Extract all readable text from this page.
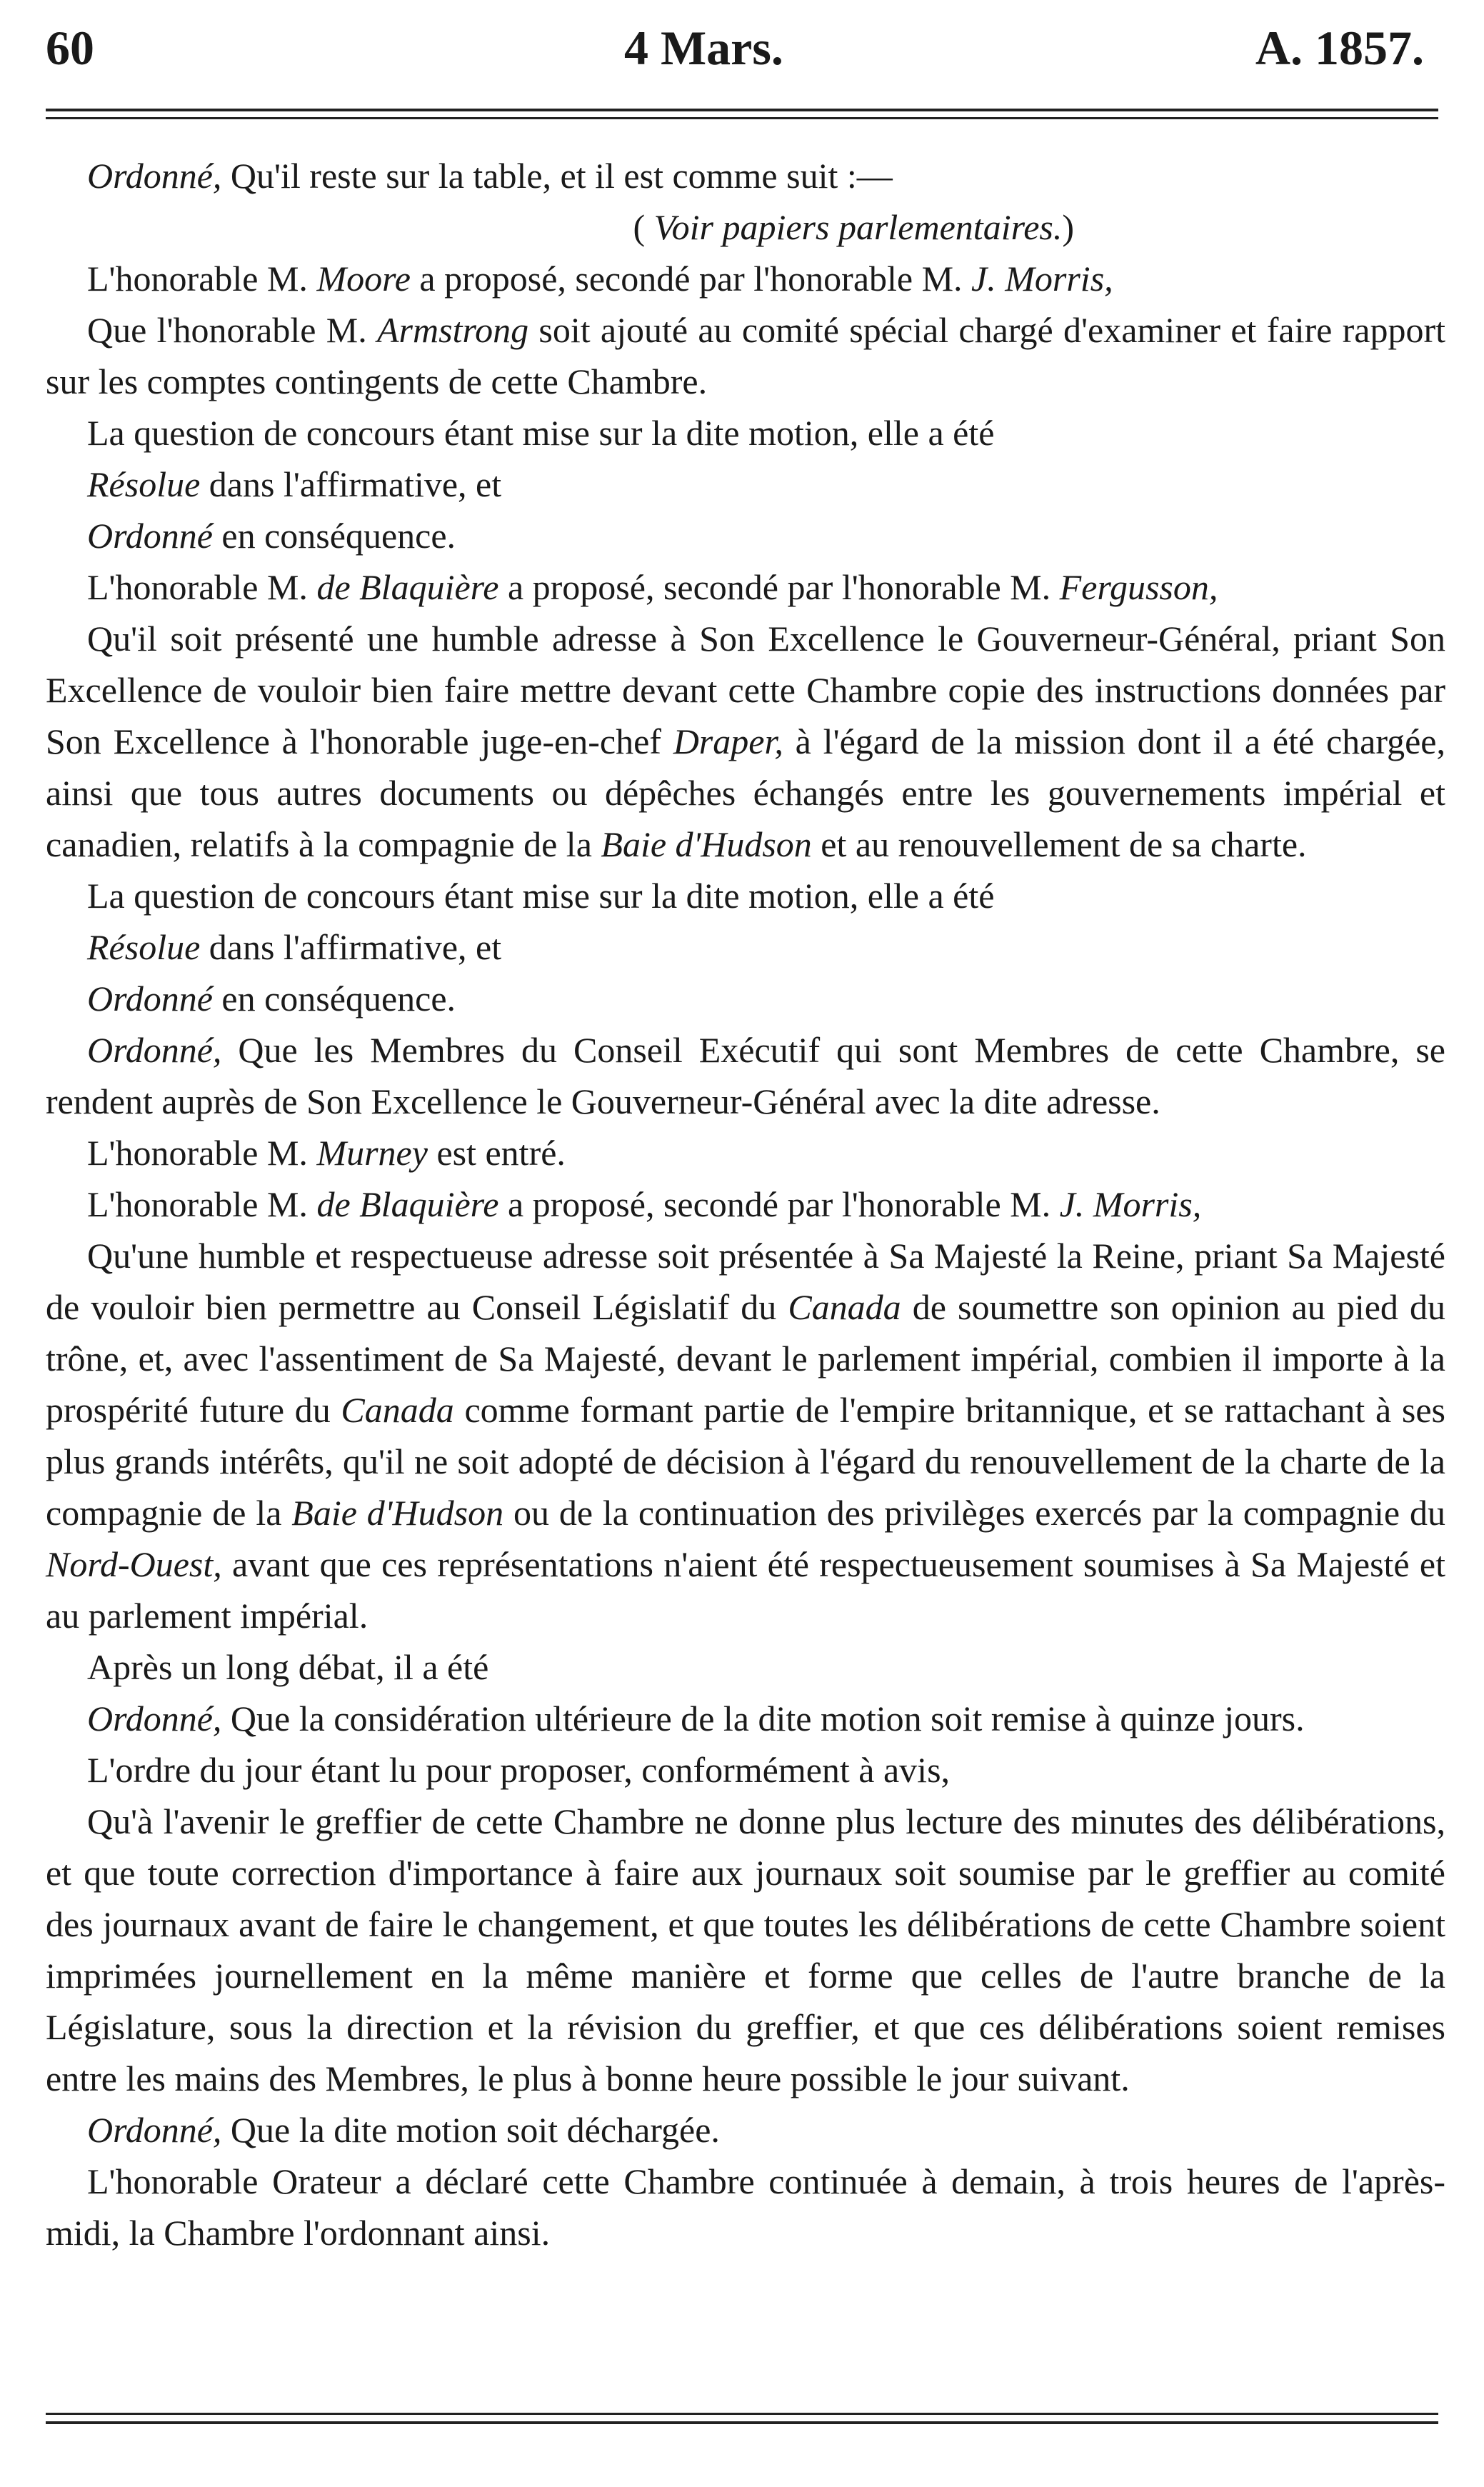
60	4 Mars.	A. 1857.

Ordonné, Qu'il reste sur la table, et il est comme suit :—

( Voir papiers parlementaires.)

L'honorable M. Moore a proposé, secondé par l'honorable M. J. Morris,

Que l'honorable M. Armstrong soit ajouté au comité spécial chargé d'examiner et faire rapport sur les comptes contingents de cette Chambre.

La question de concours étant mise sur la dite motion, elle a été

Résolue dans l'affirmative, et

Ordonné en conséquence.

L'honorable M. de Blaquière a proposé, secondé par l'honorable M. Fergusson,

Qu'il soit présenté une humble adresse à Son Excellence le Gouverneur-Général, priant Son Excellence de vouloir bien faire mettre devant cette Chambre copie des instructions données par Son Excellence à l'honorable juge-en-chef Draper, à l'égard de la mission dont il a été chargée, ainsi que tous autres documents ou dépêches échangés entre les gouvernements impérial et canadien, relatifs à la compagnie de la Baie d'Hudson et au renouvellement de sa charte.

La question de concours étant mise sur la dite motion, elle a été

Résolue dans l'affirmative, et

Ordonné en conséquence.

Ordonné, Que les Membres du Conseil Exécutif qui sont Membres de cette Chambre, se rendent auprès de Son Excellence le Gouverneur-Général avec la dite adresse.

L'honorable M. Murney est entré.

L'honorable M. de Blaquière a proposé, secondé par l'honorable M. J. Morris,

Qu'une humble et respectueuse adresse soit présentée à Sa Majesté la Reine, priant Sa Majesté de vouloir bien permettre au Conseil Législatif du Canada de soumettre son opinion au pied du trône, et, avec l'assentiment de Sa Majesté, devant le parlement impérial, combien il importe à la prospérité future du Canada comme formant partie de l'empire britannique, et se rattachant à ses plus grands intérêts, qu'il ne soit adopté de décision à l'égard du renouvellement de la charte de la compagnie de la Baie d'Hudson ou de la continuation des privilèges exercés par la compagnie du Nord-Ouest, avant que ces représentations n'aient été respectueusement soumises à Sa Majesté et au parlement impérial.

Après un long débat, il a été

Ordonné, Que la considération ultérieure de la dite motion soit remise à quinze jours.

L'ordre du jour étant lu pour proposer, conformément à avis,

Qu'à l'avenir le greffier de cette Chambre ne donne plus lecture des minutes des délibérations, et que toute correction d'importance à faire aux journaux soit soumise par le greffier au comité des journaux avant de faire le changement, et que toutes les délibérations de cette Chambre soient imprimées journellement en la même manière et forme que celles de l'autre branche de la Législature, sous la direction et la révision du greffier, et que ces délibérations soient remises entre les mains des Membres, le plus à bonne heure possible le jour suivant.

Ordonné, Que la dite motion soit déchargée.

L'honorable Orateur a déclaré cette Chambre continuée à demain, à trois heures de l'après-midi, la Chambre l'ordonnant ainsi.
